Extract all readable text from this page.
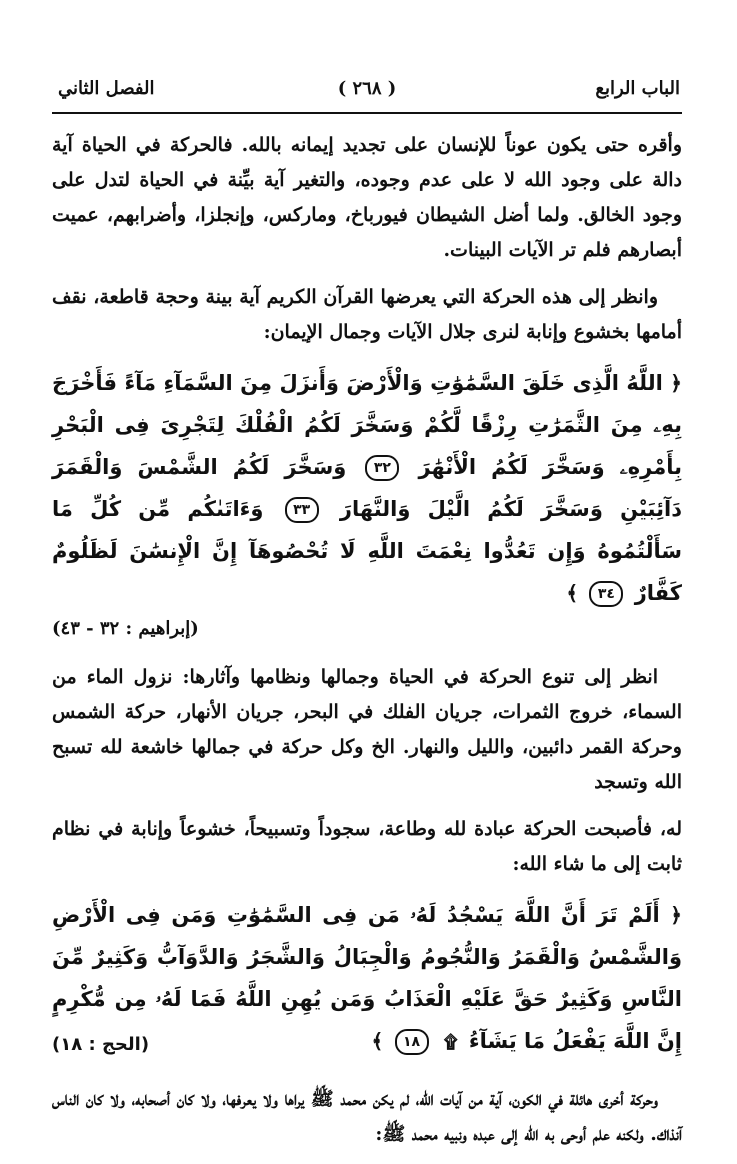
الباب الرابع
( ٢٦٨ )
الفصل الثاني

وأقره حتى يكون عوناً للإنسان على تجديد إيمانه بالله. فالحركة في الحياة آية دالة على وجود الله لا على عدم وجوده، والتغير آية بيِّنة في الحياة لتدل على وجود الخالق. ولما أضل الشيطان فيورباخ، وماركس، وإنجلزا، وأضرابهم، عميت أبصارهم فلم تر الآيات البينات.

وانظر إلى هذه الحركة التي يعرضها القرآن الكريم آية بينة وحجة قاطعة، نقف أمامها بخشوع وإنابة لنرى جلال الآيات وجمال الإيمان:

﴿ اللَّهُ الَّذِى خَلَقَ السَّمَٰوَٰتِ وَالْأَرْضَ وَأَنزَلَ مِنَ السَّمَآءِ مَآءً فَأَخْرَجَ بِهِۦ مِنَ الثَّمَرَٰتِ رِزْقًا لَّكُمْ وَسَخَّرَ لَكُمُ الْفُلْكَ لِتَجْرِىَ فِى الْبَحْرِ بِأَمْرِهِۦ وَسَخَّرَ لَكُمُ الْأَنْهَٰرَ ٣٢ وَسَخَّرَ لَكُمُ الشَّمْسَ وَالْقَمَرَ دَآئِبَيْنِ وَسَخَّرَ لَكُمُ الَّيْلَ وَالنَّهَارَ ٣٣ وَءَاتَىٰكُم مِّن كُلِّ مَا سَأَلْتُمُوهُ وَإِن تَعُدُّوا نِعْمَتَ اللَّهِ لَا تُحْصُوهَآ إِنَّ الْإِنسَٰنَ لَظَلُومٌ كَفَّارٌ ٣٤ ﴾
(إبراهيم : ٣٢ - ٤٣)

انظر إلى تنوع الحركة في الحياة وجمالها ونظامها وآثارها: نزول الماء من السماء، خروج الثمرات، جريان الفلك في البحر، جريان الأنهار، حركة الشمس وحركة القمر دائبين، والليل والنهار. الخ وكل حركة في جمالها خاشعة لله تسبح الله وتسجد

له، فأصبحت الحركة عبادة لله وطاعة، سجوداً وتسبيحاً، خشوعاً وإنابة في نظام ثابت إلى ما شاء الله:

﴿ أَلَمْ تَرَ أَنَّ اللَّهَ يَسْجُدُ لَهُۥ مَن فِى السَّمَٰوَٰتِ وَمَن فِى الْأَرْضِ وَالشَّمْسُ وَالْقَمَرُ وَالنُّجُومُ وَالْجِبَالُ وَالشَّجَرُ وَالدَّوَآبُّ وَكَثِيرٌ مِّنَ النَّاسِ وَكَثِيرٌ حَقَّ عَلَيْهِ الْعَذَابُ وَمَن يُهِنِ اللَّهُ فَمَا لَهُۥ مِن مُّكْرِمٍ إِنَّ اللَّهَ يَفْعَلُ مَا يَشَآءُ ۩ ١٨ ﴾
(الحج : ١٨)

وحركة أخرى هائلة في الكون، آية من آيات الله، لم يكن محمد ﷺ يراها ولا يعرفها، ولا كان أصحابه، ولا كان الناس آنذاك. ولكنه علم أوحى به الله إلى عبده ونبيه محمد ﷺ:
